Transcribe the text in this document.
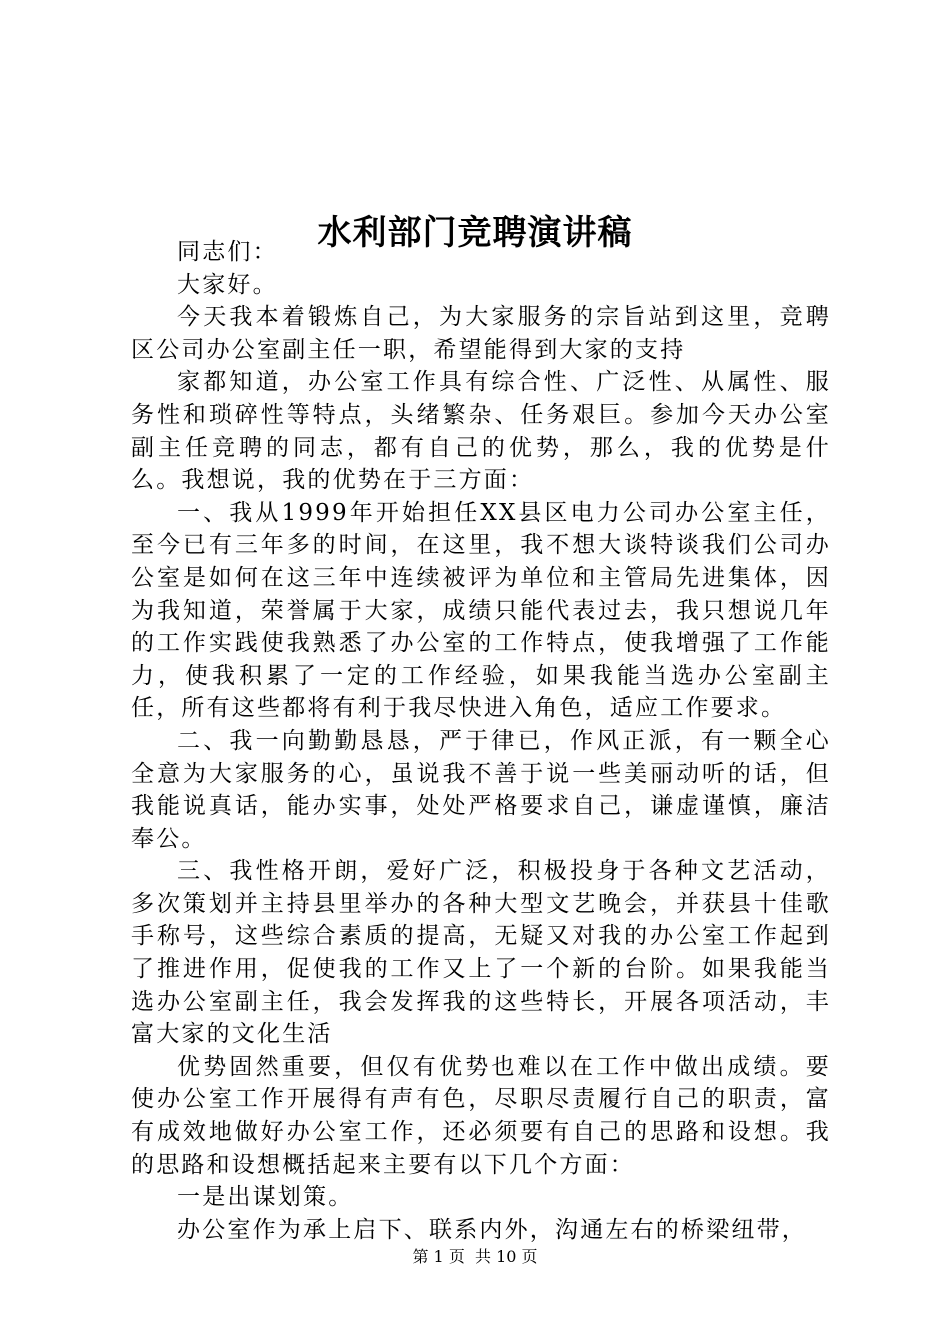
水利部门竞聘演讲稿

同志们：

大家好。

今天我本着锻炼自己，为大家服务的宗旨站到这里，竞聘区公司办公室副主任一职，希望能得到大家的支持

家都知道，办公室工作具有综合性、广泛性、从属性、服务性和琐碎性等特点，头绪繁杂、任务艰巨。参加今天办公室副主任竞聘的同志，都有自己的优势，那么，我的优势是什么。我想说，我的优势在于三方面：

一、我从1999年开始担任XX县区电力公司办公室主任，至今已有三年多的时间，在这里，我不想大谈特谈我们公司办公室是如何在这三年中连续被评为单位和主管局先进集体，因为我知道，荣誉属于大家，成绩只能代表过去，我只想说几年的工作实践使我熟悉了办公室的工作特点，使我增强了工作能力，使我积累了一定的工作经验，如果我能当选办公室副主任，所有这些都将有利于我尽快进入角色，适应工作要求。

二、我一向勤勤恳恳，严于律已，作风正派，有一颗全心全意为大家服务的心，虽说我不善于说一些美丽动听的话，但我能说真话，能办实事，处处严格要求自己，谦虚谨慎，廉洁奉公。

三、我性格开朗，爱好广泛，积极投身于各种文艺活动，多次策划并主持县里举办的各种大型文艺晚会，并获县十佳歌手称号，这些综合素质的提高，无疑又对我的办公室工作起到了推进作用，促使我的工作又上了一个新的台阶。如果我能当选办公室副主任，我会发挥我的这些特长，开展各项活动，丰富大家的文化生活

优势固然重要，但仅有优势也难以在工作中做出成绩。要使办公室工作开展得有声有色，尽职尽责履行自己的职责，富有成效地做好办公室工作，还必须要有自己的思路和设想。我的思路和设想概括起来主要有以下几个方面：

一是出谋划策。

办公室作为承上启下、联系内外，沟通左右的桥梁纽带，

第 1 页  共 10 页
